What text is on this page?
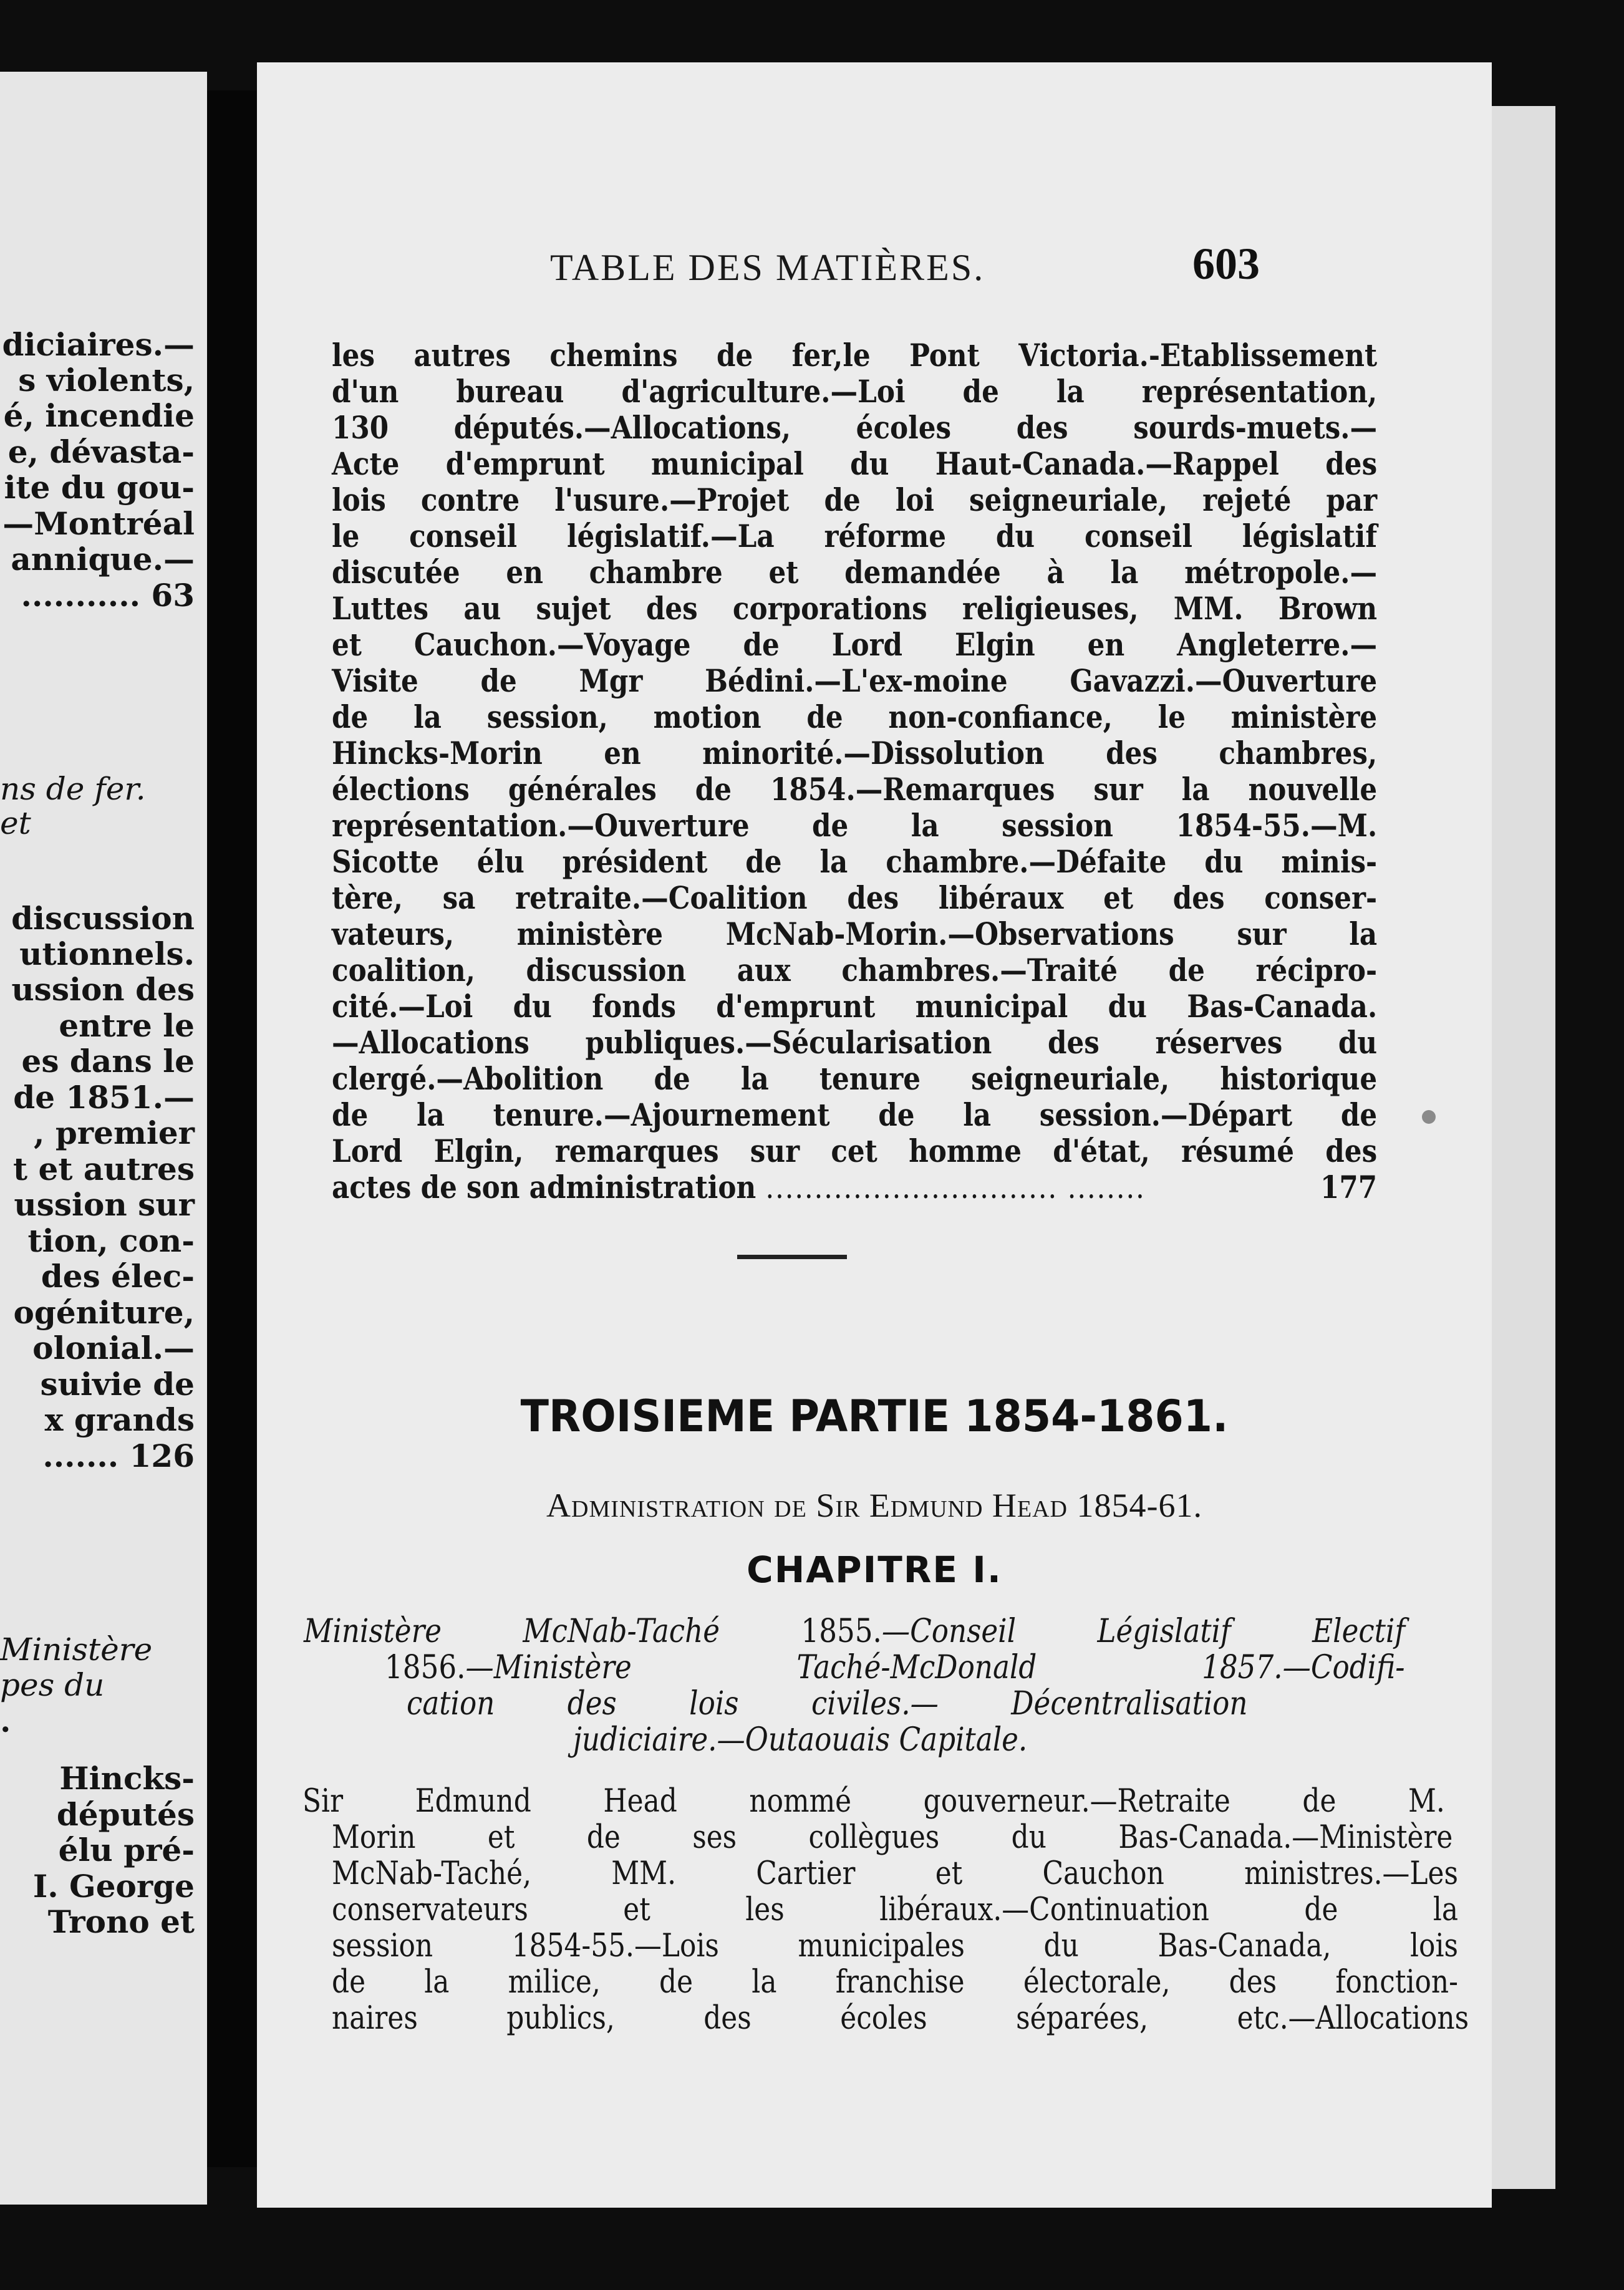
diciaires.—
s violents,
é, incendie
e, dévasta-
ite du gou-
—Montréal
annique.—
........... 63
ns de fer.
et
discussion
utionnels.
ussion des
entre le
es dans le
de 1851.—
, premier
t et autres
ussion sur
tion, con-
des élec-
ogéniture,
olonial.—
suivie de
x grands
....... 126
Ministère
pes du
.
Hincks-
députés
élu pré-
I. George
Trono et
TABLE DES MATIÈRES.	603
les autres chemins de fer,le Pont Victoria.-Etablissement
d'un bureau d'agriculture.—Loi de la représentation,
130 députés.—Allocations, écoles des sourds-muets.—
Acte d'emprunt municipal du Haut-Canada.—Rappel des
lois contre l'usure.—Projet de loi seigneuriale, rejeté par
le conseil législatif.—La réforme du conseil législatif
discutée en chambre et demandée à la métropole.—
Luttes au sujet des corporations religieuses, MM. Brown
et Cauchon.—Voyage de Lord Elgin en Angleterre.—
Visite de Mgr Bédini.—L'ex-moine Gavazzi.—Ouverture
de la session, motion de non-confiance, le ministère
Hincks-Morin en minorité.—Dissolution des chambres,
élections générales de 1854.—Remarques sur la nouvelle
représentation.—Ouverture de la session 1854-55.—M.
Sicotte élu président de la chambre.—Défaite du minis-
tère, sa retraite.—Coalition des libéraux et des conser-
vateurs, ministère McNab-Morin.—Observations sur la
coalition, discussion aux chambres.—Traité de récipro-
cité.—Loi du fonds d'emprunt municipal du Bas-Canada.
—Allocations publiques.—Sécularisation des réserves du
clergé.—Abolition de la tenure seigneuriale, historique
de la tenure.—Ajournement de la session.—Départ de
Lord Elgin, remarques sur cet homme d'état, résumé des
actes de son administration .............................. ........	177
TROISIEME PARTIE 1854-1861.
Administration de Sir Edmund Head 1854-61.
CHAPITRE I.
Ministère McNab-Taché 1855.—Conseil Législatif Electif
1856.—Ministère Taché-McDonald 1857.—Codifi-
cation des lois civiles.— Décentralisation
judiciaire.—Outaouais Capitale.
Sir Edmund Head nommé gouverneur.—Retraite de M.
Morin et de ses collègues du Bas-Canada.—Ministère
McNab-Taché, MM. Cartier et Cauchon ministres.—Les
conservateurs et les libéraux.—Continuation de la
session 1854-55.—Lois municipales du Bas-Canada, lois
de la milice, de la franchise électorale, des fonction-
naires publics, des écoles séparées, etc.—Allocations
